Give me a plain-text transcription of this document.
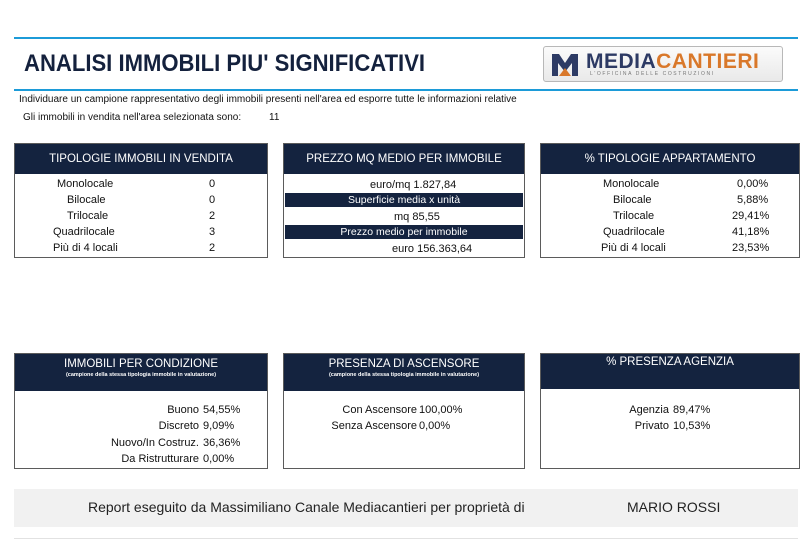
ANALISI IMMOBILI PIU' SIGNIFICATIVI	MEDIACANTIERI
L'OFFICINA DELLE COSTRUZIONI
Individuare un campione rappresentativo degli immobili presenti nell'area ed esporre tutte le informazioni relative
Gli immobili in vendita nell'area selezionata sono:	11
TIPOLOGIE IMMOBILI IN VENDITA
Monolocale	0
Bilocale	0
Trilocale	2
Quadrilocale	3
Più di 4 locali	2
PREZZO MQ MEDIO PER IMMOBILE
euro/mq 1.827,84
Superficie media x unità
mq 85,55
Prezzo medio per immobile
euro 156.363,64
% TIPOLOGIE APPARTAMENTO
Monolocale	0,00%
Bilocale	5,88%
Trilocale	29,41%
Quadrilocale	41,18%
Più di 4 locali	23,53%
IMMOBILI PER CONDIZIONE
(campione della stessa tipologia immobile in valutazione)
Buono 54,55%
Discreto 9,09%
Nuovo/In Costruz. 36,36%
Da Ristrutturare 0,00%
PRESENZA DI ASCENSORE
(campione della stessa tipologia immobile in valutazione)
Con Ascensore 100,00%
Senza Ascensore 0,00%
% PRESENZA AGENZIA
Agenzia 89,47%
Privato 10,53%
Report eseguito da Massimiliano Canale Mediacantieri per proprietà di	MARIO ROSSI
